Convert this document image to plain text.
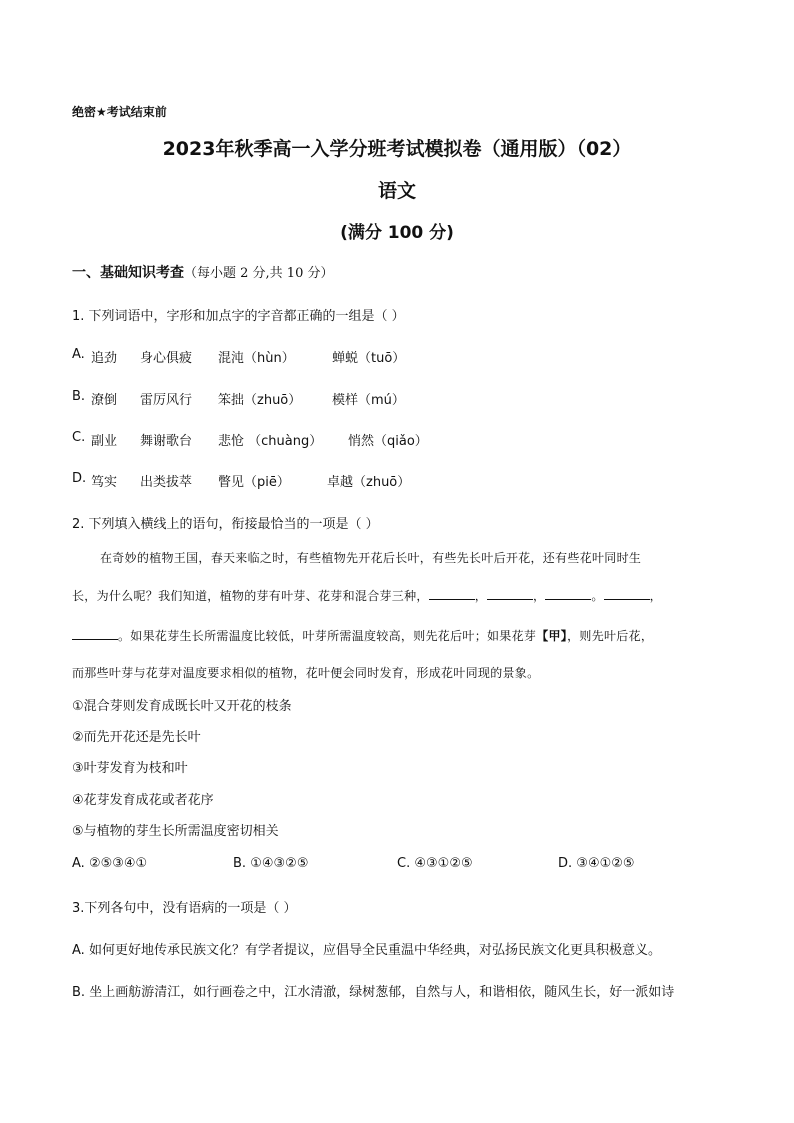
绝密★考试结束前
2023年秋季高一入学分班考试模拟卷（通用版）（02）
语文
(满分 100 分)
一、基础知识考查（每小题 2 分,共 10 分）
1. 下列词语中，字形和加点字的字音都正确的一组是（ ）
A. 追劲 身心俱疲 混沌（hùn）	蝉蜕（tuō）
B. 潦倒 雷厉风行 笨拙（zhuō） 模样（mú）
C. 副业 舞谢歌台 悲怆 （chuàng） 悄然（qiǎo）
D. 笃实 出类拔萃 瞥见（piē）	卓越（zhuō）
2. 下列填入横线上的语句，衔接最恰当的一项是（ ）
在奇妙的植物王国，春天来临之时，有些植物先开花后长叶，有些先长叶后开花，还有些花叶同时生
长，为什么呢？我们知道，植物的芽有叶芽、花芽和混合芽三种，	，	，	。	，
。如果花芽生长所需温度比较低，叶芽所需温度较高，则先花后叶；如果花芽【甲】，则先叶后花，
而那些叶芽与花芽对温度要求相似的植物，花叶便会同时发育，形成花叶同现的景象。
①混合芽则发育成既长叶又开花的枝条
②而先开花还是先长叶
③叶芽发育为枝和叶
④花芽发育成花或者花序
⑤与植物的芽生长所需温度密切相关
A. ②⑤③④①	B. ①④③②⑤	C. ④③①②⑤	D. ③④①②⑤
3.下列各句中，没有语病的一项是（ ）
A. 如何更好地传承民族文化？有学者提议，应倡导全民重温中华经典，对弘扬民族文化更具积极意义。
B. 坐上画舫游清江，如行画卷之中，江水清澈，绿树葱郁，自然与人，和谐相依，随风生长，好一派如诗
